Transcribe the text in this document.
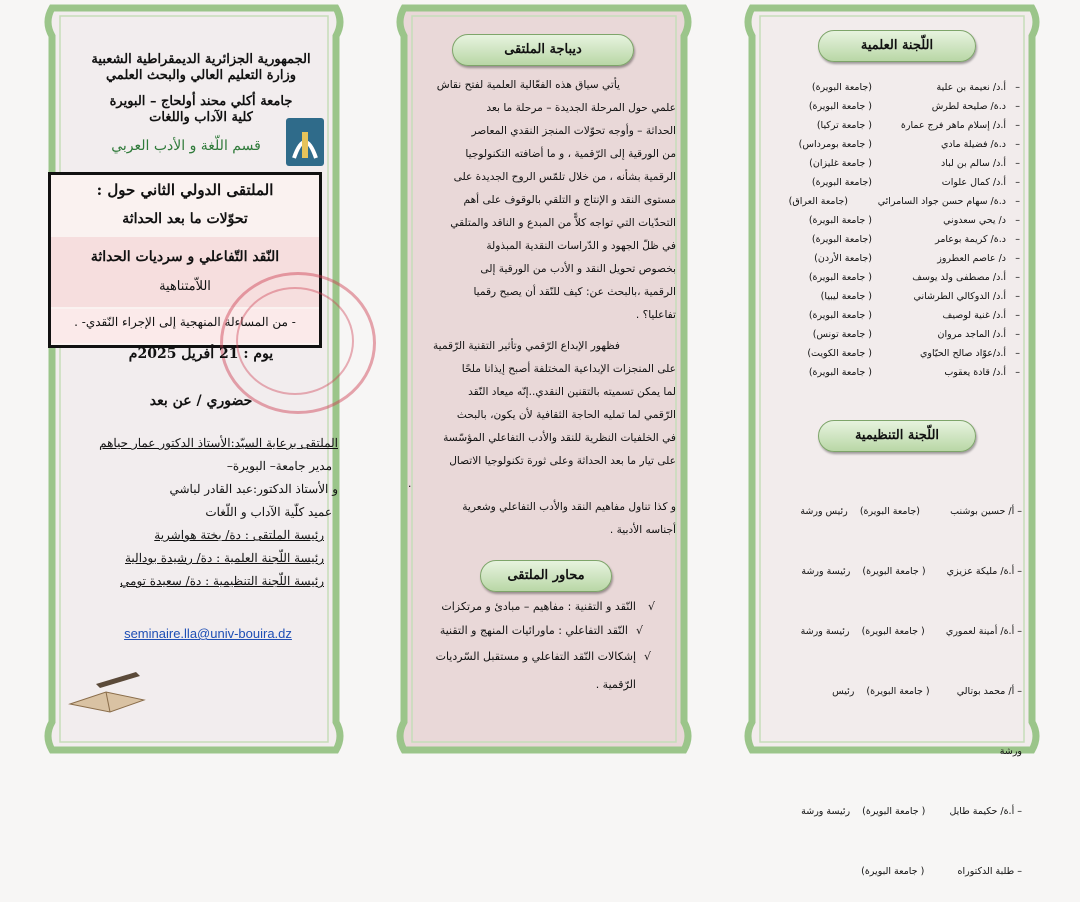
الجمهورية الجزائرية الديمقراطية الشعبية
وزارة التعليم العالي والبحث العلمي
جامعة أكلي محند أولحاج – البويرة
كلية الآداب واللغات
قسم اللّغة و الأدب العربي
الملتقى الدولي الثاني حول :
تحوّلات ما بعد الحداثة
النّقد التّفاعلي و سرديات الحداثة
اللاّمتناهية
- من المساءلة المنهجية إلى الإجراء النّقدي- .
يوم : 21 أفريل 2025م
حضوري / عن بعد
الملتقى برعاية السيّد:الأستاذ الدكتور عمار حياهم
مدير جامعة– البويرة–
و الأستاذ الدكتور:عبد القادر لباشي
عميد كلّية الآداب و اللّغات
رئيسة الملتقى : دة/ بختة هواشرية
رئيسة اللّجنة العلمية : دة/ رشيدة بودالية
رئيسة اللّجنة التنظيمية : دة/ سعيدة تومي
seminaire.lla@univ-bouira.dz
ديباجة الملتقى
يأتي سياق هذه الفعّالية العلمية لفتح نقاش
علمي حول المرحلة الجديدة – مرحلة ما بعد
الحداثة – وأوجه تحوّلات المنجز النقدي المعاصر
من الورقية إلى الرّقمية ، و ما أضافته التكنولوجيا
الرقمية بشأنه ، من خلال تلمّس الروح الجديدة على
مستوى النقد و الإنتاج و التلقي بالوقوف على أهم
التحدّيات التي تواجه كلاًّ من المبدع و الناقد والمتلقي
في ظلّ الجهود و الدّراسات النقدية المبذولة
بخصوص تحويل النقد و الأدب من الورقية إلى
الرقمية ،بالبحث عن: كيف للنّقد أن يصبح رقميا
تفاعليا؟ .
فظهور الإبداع الرّقمي وتأثير التقنية الرّقمية
على المنجزات الإبداعية المختلفة أصبح إيذانا ملحًا
لما يمكن تسميته بالتقنين النقدي..إنّه ميعاد النّقد
الرّقمي لما تمليه الحاجة الثقافية لأن يكون، بالبحث
في الخلفيات النظرية للنقد والأدب التفاعلي المؤسّسة
على تيار ما بعد الحداثة وعلى ثورة تكنولوجيا الاتصال
.
و كذا تناول مفاهيم النقد والأدب التفاعلي وشعرية
أجناسه الأدبية .
محاور الملتقى
√
النّقد و التقنية : مفاهيم – مبادئ و مرتكزات
√
النّقد التفاعلي : ماورائيات المنهج و التقنية
√
إشكالات النّقد التفاعلي و مستقبل السّرديات
الرّقمية .
اللّجنة العلمية
–
أ.د/ نعيمة بن علية
(جامعة البويرة)
–
د.ة/ صليحة لطرش
( جامعة البويرة)
–
أ.د/ إسلام ماهر فرج عمارة
( جامعة تركيا)
–
د.ة/ فضيلة مادي
( جامعة بومرداس)
–
أ.د/ سالم بن لباد
( جامعة غليزان)
–
أ.د/ كمال علوات
(جامعة البويرة)
–
د.ة/ سهام حسن جواد السامرائي
(جامعة العراق)
–
د/ يحي سعدوني
( جامعة البويرة)
–
د.ة/ كريمة بوعامر
(جامعة البويرة)
–
د/ عاصم العطروز
(جامعة الأردن)
–
أ.د/ مصطفى ولد يوسف
( جامعة البويرة)
–
أ.د/ الدوكالي الطرشاني
( جامعة ليبيا)
–
أ.د/ غنية لوصيف
( جامعة البويرة)
–
أ.د/ الماجد مروان
( جامعة تونس)
–
أ.د/عوّاد صالح الحيّاوي
( جامعة الكويت)
–
أ.د/ قادة يعقوب
( جامعة البويرة)
اللّجنة التنظيمية

– أ/ حسين بوشنب          (جامعة البويرة)    رئيس ورشة

– أ.ة/ مليكة عزيزي       ( جامعة البويرة)    رئيسة ورشة

– أ.ة/ أمينة لعموري       ( جامعة البويرة)    رئيسة ورشة

– أ/ محمد بوتالي         ( جامعة البويرة)    رئيس

ورشة

– أ.ة/ حكيمة طايل        ( جامعة البويرة)    رئيسة ورشة

– طلبة الدكتوراه           ( جامعة البويرة)
